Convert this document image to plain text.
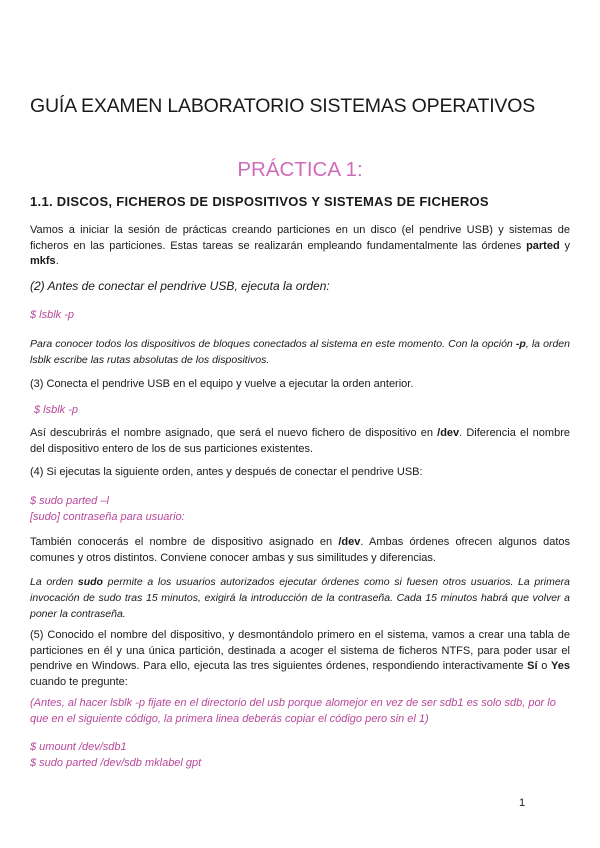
GUÍA EXAMEN LABORATORIO SISTEMAS OPERATIVOS
PRÁCTICA 1:
1.1. DISCOS, FICHEROS DE DISPOSITIVOS Y SISTEMAS DE FICHEROS
Vamos a iniciar la sesión de prácticas creando particiones en un disco (el pendrive USB) y sistemas de ficheros en las particiones. Estas tareas se realizarán empleando fundamentalmente las órdenes parted y mkfs.
(2) Antes de conectar el pendrive USB, ejecuta la orden:
$ lsblk -p
Para conocer todos los dispositivos de bloques conectados al sistema en este momento. Con la opción -p, la orden lsblk escribe las rutas absolutas de los dispositivos.
(3) Conecta el pendrive USB en el equipo y vuelve a ejecutar la orden anterior.
$ lsblk -p
Así descubrirás el nombre asignado, que será el nuevo fichero de dispositivo en /dev. Diferencia el nombre del dispositivo entero de los de sus particiones existentes.
(4) Si ejecutas la siguiente orden, antes y después de conectar el pendrive USB:
$ sudo parted –l
[sudo] contraseña para usuario:
También conocerás el nombre de dispositivo asignado en /dev. Ambas órdenes ofrecen algunos datos comunes y otros distintos. Conviene conocer ambas y sus similitudes y diferencias.
La orden sudo permite a los usuarios autorizados ejecutar órdenes como si fuesen otros usuarios. La primera invocación de sudo tras 15 minutos, exigirá la introducción de la contraseña. Cada 15 minutos habrá que volver a poner la contraseña.
(5) Conocido el nombre del dispositivo, y desmontándolo primero en el sistema, vamos a crear una tabla de particiones en él y una única partición, destinada a acoger el sistema de ficheros NTFS, para poder usar el pendrive en Windows. Para ello, ejecuta las tres siguientes órdenes, respondiendo interactivamente Sí o Yes cuando te pregunte:
(Antes, al hacer lsblk -p fijate en el directorio del usb porque alomejor en vez de ser sdb1 es solo sdb, por lo que en el siguiente código, la primera linea deberás copiar el código pero sin el 1)
$ umount /dev/sdb1
$ sudo parted /dev/sdb mklabel gpt
1
